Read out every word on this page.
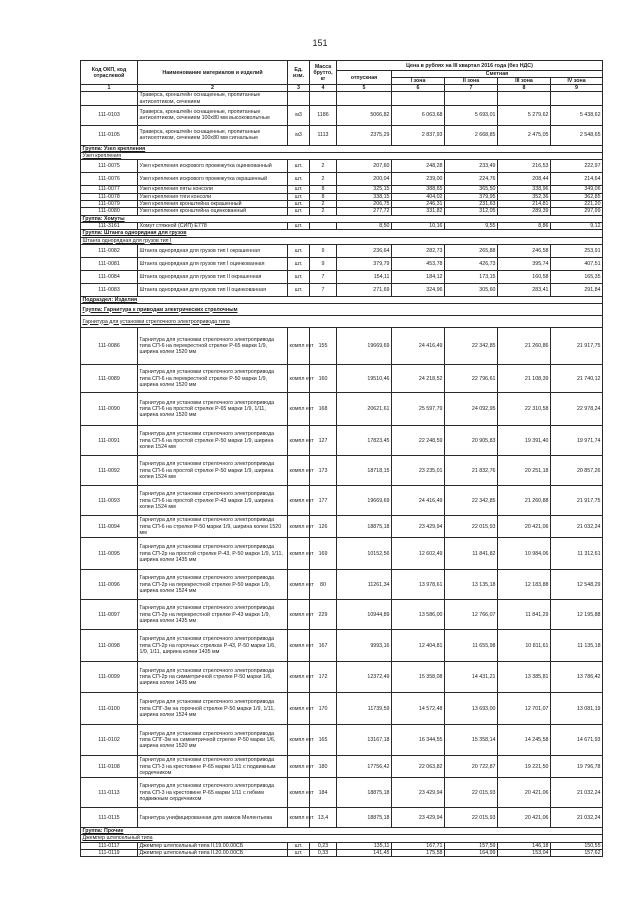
151
Код ОКП, код отраслевой	Наименование материалов и изделий	Ед. изм.	Масса брутто, кг	Цена в рублях на III квартал 2016 года (без НДС)				
				отпускная	Сметная			
					I зона	II зона	III зона	IV зона
1	2	3	4	5	6	7	8	9
	Траверса, кронштейн оснащенные, пропитанные антисептиком, сечением							
111-0103	Траверса, кронштейн оснащенные, пропитанные антисептиком, сечением 100х80 мм высоковольтные	м3	1186	5066,82	6 063,68	5 693,01	5 279,62	5 438,62
111-0105	Траверса, кронштейн оснащенные, пропитанные антисептиком, сечением 100х80 мм сигнальные	м3	1113	2375,29	2 837,93	2 668,85	2 475,05	2 548,65
Группа: Узел крепления								
Узел крепления								
111-0075	Узел крепления искрового промежутка оцинкованный	шт.	2	207,60	248,28	233,49	216,53	222,97
111-0076	Узел крепления искрового промежутка окрашенный	шт.	2	200,04	239,00	224,76	208,44	214,64
111-0077	Узел крепления пяты консоли	шт.	8	325,15	388,65	365,50	338,96	349,06
111-0078	Узел крепления тяги консоли	шт.	8	338,15	404,02	379,95	352,36	362,85
111-0079	Узел крепления кронштейна окрашенный	шт.	2	206,75	246,31	231,63	214,81	221,20
111-0080	Узел крепления кронштейна оцинкованный	шт.	2	277,72	331,82	312,05	289,39	297,99
Группа: Хомуты								
111-3161	Хомут стяжной (СИП) Е778	шт.		8,50	10,16	9,55	8,86	9,12
Группа: Штанга однорядная для грузов								
Штанга однорядная для грузов тип I								
111-0082	Штанга однорядная для грузов тип I окрашенная	шт.	9	236,64	282,73	265,88	246,58	253,91
111-0081	Штанга однорядная для грузов тип I оцинкованная	шт.	9	379,79	453,78	426,73	395,74	407,51
111-0084	Штанга однорядная для грузов тип II окрашенная	шт.	7	154,11	184,12	173,15	160,58	165,35
111-0083	Штанга однорядная для грузов тип II оцинкованная	шт.	7	271,69	324,96	305,60	283,41	291,84
Подраздел: Изделия								
Группа: Гарнитура к приводам электрических стрелочным								
Гарнитура для установки стрелочного электропривода типа								
111-0086	Гарнитура для установки стрелочного электропривода типа СП-6 на перекрестной стрелке Р-65 марки 1/9, ширина колеи 1520 мм	компл ект	155	19669,69	24 416,49	22 342,85	21 260,86	21 917,75
111-0089	Гарнитура для установки стрелочного электропривода типа СП-6 на перекрестной стрелке Р-50 марки 1/9, ширина колеи 1520 мм	компл ект	160	19510,46	24 218,52	22 796,61	21 108,39	21 740,12
111-0090	Гарнитура для установки стрелочного электропривода типа СП-6 на простой стрелке Р-65 марки 1/9, 1/11, ширина колеи 1520 мм	компл ект	168	20621,61	25 597,79	24 092,95	22 310,58	22 978,24
111-0091	Гарнитура для установки стрелочного электропривода типа СП-6 на простой стрелке Р-50 марки 1/9, ширина колеи 1524 мм	компл ект	127	17823,45	22 248,59	20 905,83	19 391,40	19 971,74
111-0092	Гарнитура для установки стрелочного электропривода типа СП-6 на простой стрелке Р-50 марки 1/9, ширина колеи 1524 мм	компл ект	173	18718,15	23 235,01	21 832,76	20 251,18	20 857,26
111-0093	Гарнитура для установки стрелочного электропривода типа СП-6 на простой стрелке Р-43 марки 1/9, ширина колеи 1524 мм	компл ект	177	19669,69	24 416,49	22 342,85	21 260,88	21 917,75
111-0094	Гарнитура для установки стрелочного электропривода типа СП-6 на стрелке Р-50 марки 1/9, ширина колеи 1520 мм	компл ект	126	18875,18	23 429,94	22 015,93	20 421,06	21 032,24
111-0095	Гарнитура для установки стрелочного электропривода типа СП-2р на простой стрелке Р-43, Р-50 марки 1/9, 1/11, ширина колеи 1435 мм	компл ект	169	10152,56	12 602,49	11 841,82	10 984,06	11 312,61
111-0096	Гарнитура для установки стрелочного электропривода типа СП-2р на перекрестной стрелке Р-50 марки 1/9, ширина колеи 1524 мм	компл ект	80	11261,34	13 978,61	13 135,18	12 183,88	12 548,29
111-0097	Гарнитура для установки стрелочного электропривода типа СП-2р на перекрестной стрелке Р-43 марки 1/9, ширина колеи 1435 мм	компл ект	229	10944,89	13 586,00	12 766,07	11 841,29	12 195,88
111-0098	Гарнитура для установки стрелочного электропривода типа СП-2р на горочных стрелках Р-43, Р-50 марки 1/6, 1/9, 1/11, ширина колеи 1435 мм	компл ект	167	9993,16	12 404,81	11 655,98	10 811,61	11 135,18
111-0099	Гарнитура для установки стрелочного электропривода типа СП-2р на симметричной стрелке Р-50 марки 1/6, ширина колеи 1435 мм	компл ект	172	12372,49	15 358,08	14 431,21	13 385,81	13 786,42
111-0100	Гарнитура для установки стрелочного электропривода типа СПГ-3м на горочной стрелке Р-50 марки 1/9, 1/11, ширина колеи 1524 мм	компл ект	170	11739,59	14 572,48	13 693,00	12 701,07	13 081,19
111-0102	Гарнитура для установки стрелочного электропривода типа СПГ-3м на симметричной стрелке Р-50 марки 1/6, ширина колеи 1520 мм	компл ект	165	13167,18	16 344,55	15 358,14	14 245,58	14 671,93
111-0108	Гарнитура для установки стрелочного электропривода типа СП-3 на крестовине Р-65 марки 1/11 с подвижным сердечником	компл ект	180	17756,42	22 063,82	20 722,87	19 221,50	19 796,78
111-0113	Гарнитура для установки стрелочного электропривода типа СП-3 на крестовине Р-65 марки 1/11 с гибким подвижным сердечником	компл ект	184	18875,18	23 429,94	22 015,93	20 421,06	21 032,24
111-0115	Гарнитура унифицированная для замков Мелентьева	компл ект	13,4	18875,18	23 429,94	22 015,93	20 421,06	21 032,24
Группа: Прочие								
Джемпер штепсельный типа								
111-0117	Джемпер штепсельный типа II.19.00.00СБ	шт.	0,23	135,11	167,71	157,59	146,18	150,55
111-0119	Джемпер штепсельный типа II.20.00.00СБ	шт.	0,33	141,45	175,58	164,99	153,04	157,62
